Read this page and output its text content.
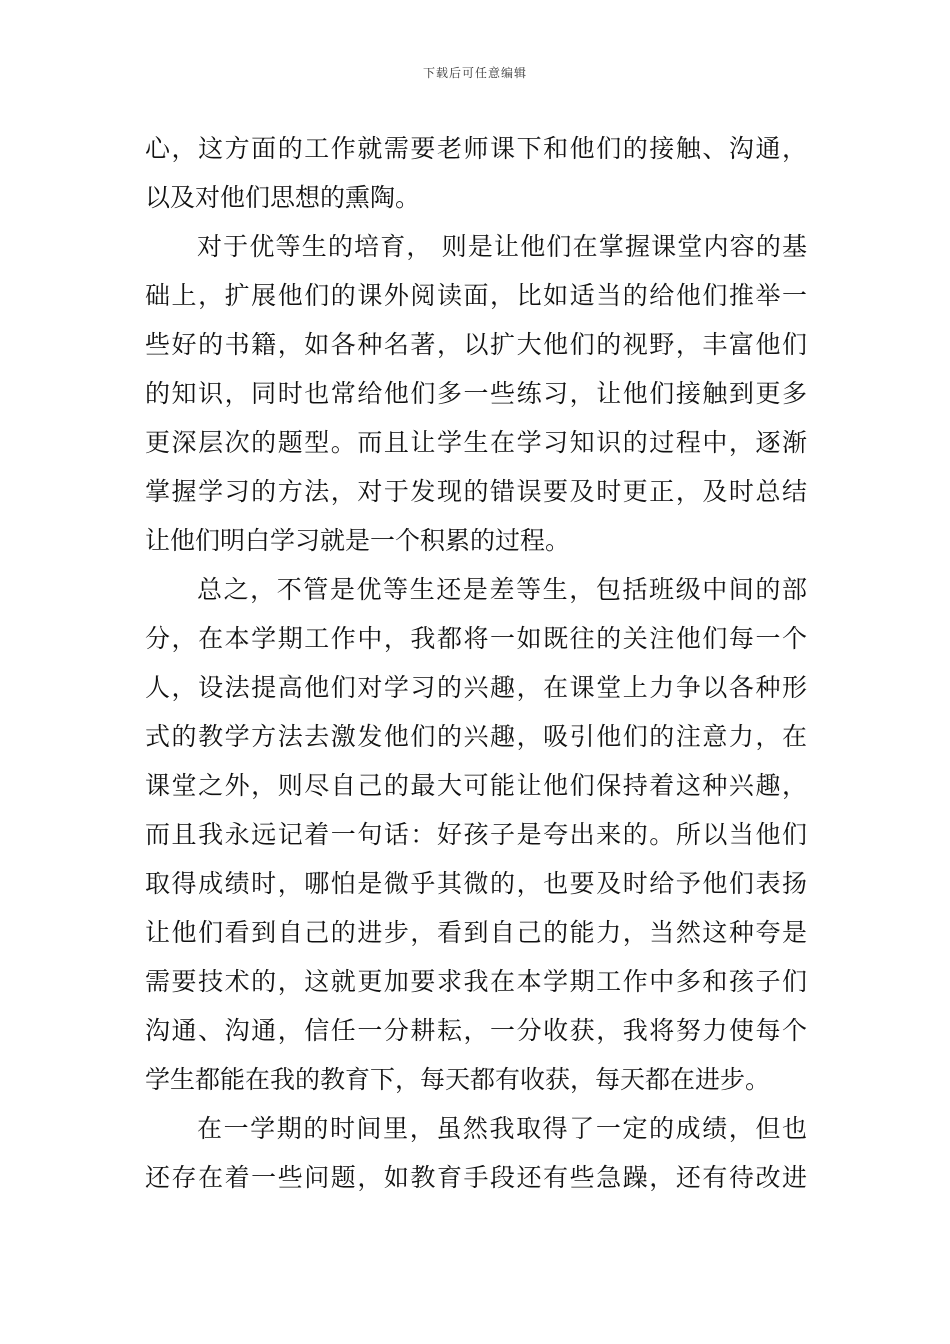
下载后可任意编辑
心，这方面的工作就需要老师课下和他们的接触、沟通，
以及对他们思想的熏陶。
对于优等生的培育， 则是让他们在掌握课堂内容的基
础上，扩展他们的课外阅读面，比如适当的给他们推举一
些好的书籍，如各种名著，以扩大他们的视野，丰富他们
的知识，同时也常给他们多一些练习，让他们接触到更多
更深层次的题型。而且让学生在学习知识的过程中，逐渐
掌握学习的方法，对于发现的错误要及时更正，及时总结
让他们明白学习就是一个积累的过程。
总之，不管是优等生还是差等生，包括班级中间的部
分，在本学期工作中，我都将一如既往的关注他们每一个
人，设法提高他们对学习的兴趣，在课堂上力争以各种形
式的教学方法去激发他们的兴趣，吸引他们的注意力，在
课堂之外，则尽自己的最大可能让他们保持着这种兴趣，
而且我永远记着一句话：好孩子是夸出来的。所以当他们
取得成绩时，哪怕是微乎其微的，也要及时给予他们表扬
让他们看到自己的进步，看到自己的能力，当然这种夸是
需要技术的，这就更加要求我在本学期工作中多和孩子们
沟通、沟通，信任一分耕耘，一分收获，我将努力使每个
学生都能在我的教育下，每天都有收获，每天都在进步。
在一学期的时间里，虽然我取得了一定的成绩，但也
还存在着一些问题，如教育手段还有些急躁，还有待改进
